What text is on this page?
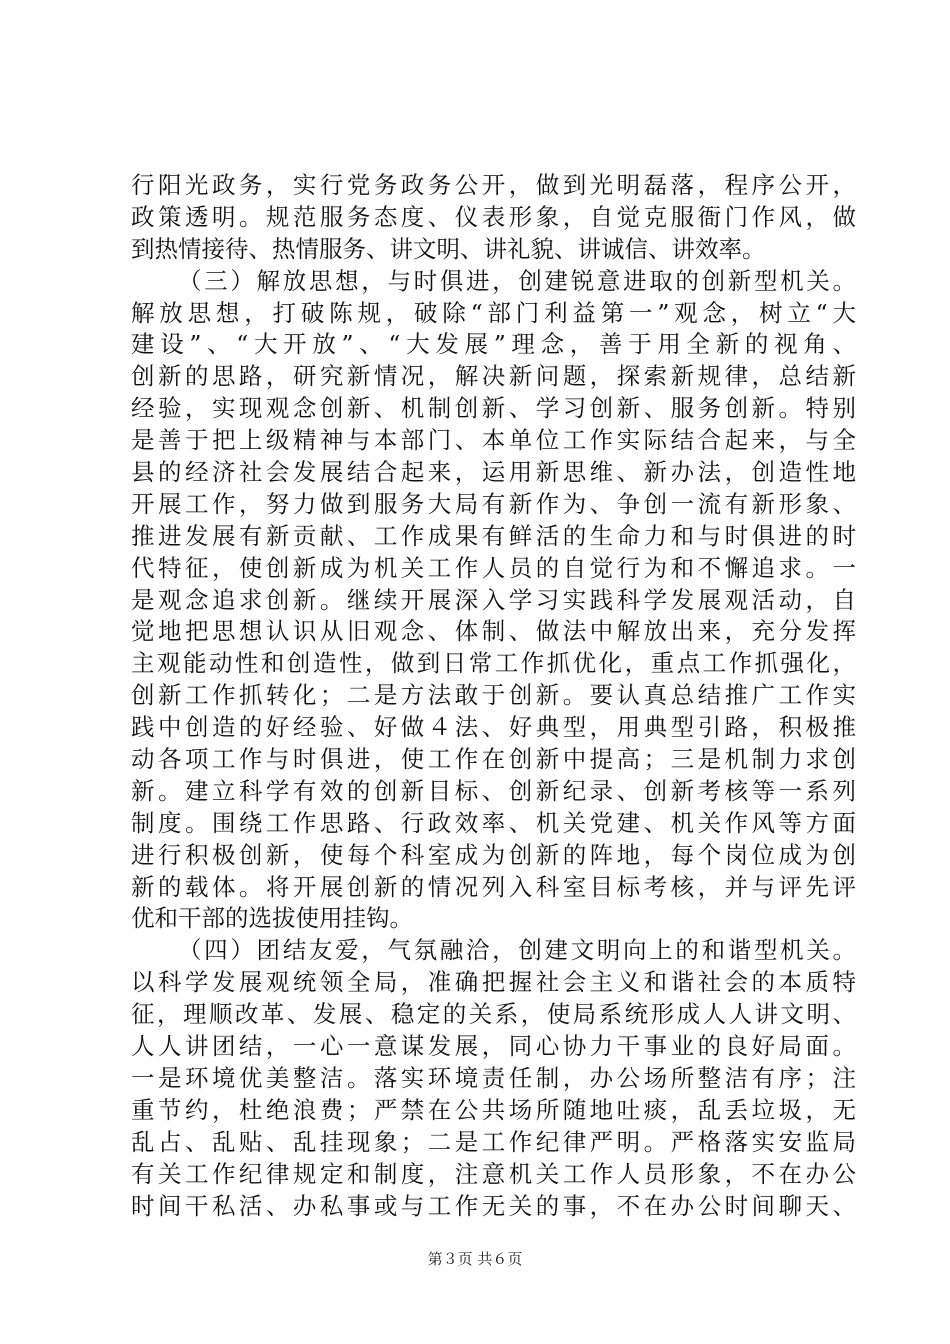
行阳光政务，实行党务政务公开，做到光明磊落，程序公开，
政策透明。规范服务态度、仪表形象，自觉克服衙门作风，做
到热情接待、热情服务、讲文明、讲礼貌、讲诚信、讲效率。
（三）解放思想，与时俱进，创建锐意进取的创新型机关。
解放思想，打破陈规，破除“部门利益第一”观念，树立“大
建设”、“大开放”、“大发展”理念，善于用全新的视角、
创新的思路，研究新情况，解决新问题，探索新规律，总结新
经验，实现观念创新、机制创新、学习创新、服务创新。特别
是善于把上级精神与本部门、本单位工作实际结合起来，与全
县的经济社会发展结合起来，运用新思维、新办法，创造性地
开展工作，努力做到服务大局有新作为、争创一流有新形象、
推进发展有新贡献、工作成果有鲜活的生命力和与时俱进的时
代特征，使创新成为机关工作人员的自觉行为和不懈追求。一
是观念追求创新。继续开展深入学习实践科学发展观活动，自
觉地把思想认识从旧观念、体制、做法中解放出来，充分发挥
主观能动性和创造性，做到日常工作抓优化，重点工作抓强化，
创新工作抓转化；二是方法敢于创新。要认真总结推广工作实
践中创造的好经验、好做４法、好典型，用典型引路，积极推
动各项工作与时俱进，使工作在创新中提高；三是机制力求创
新。建立科学有效的创新目标、创新纪录、创新考核等一系列
制度。围绕工作思路、行政效率、机关党建、机关作风等方面
进行积极创新，使每个科室成为创新的阵地，每个岗位成为创
新的载体。将开展创新的情况列入科室目标考核，并与评先评
优和干部的选拔使用挂钩。
（四）团结友爱，气氛融洽，创建文明向上的和谐型机关。
以科学发展观统领全局，准确把握社会主义和谐社会的本质特
征，理顺改革、发展、稳定的关系，使局系统形成人人讲文明、
人人讲团结，一心一意谋发展，同心协力干事业的良好局面。
一是环境优美整洁。落实环境责任制，办公场所整洁有序；注
重节约，杜绝浪费；严禁在公共场所随地吐痰，乱丢垃圾，无
乱占、乱贴、乱挂现象；二是工作纪律严明。严格落实安监局
有关工作纪律规定和制度，注意机关工作人员形象，不在办公
时间干私活、办私事或与工作无关的事，不在办公时间聊天、
第３页 共６页
